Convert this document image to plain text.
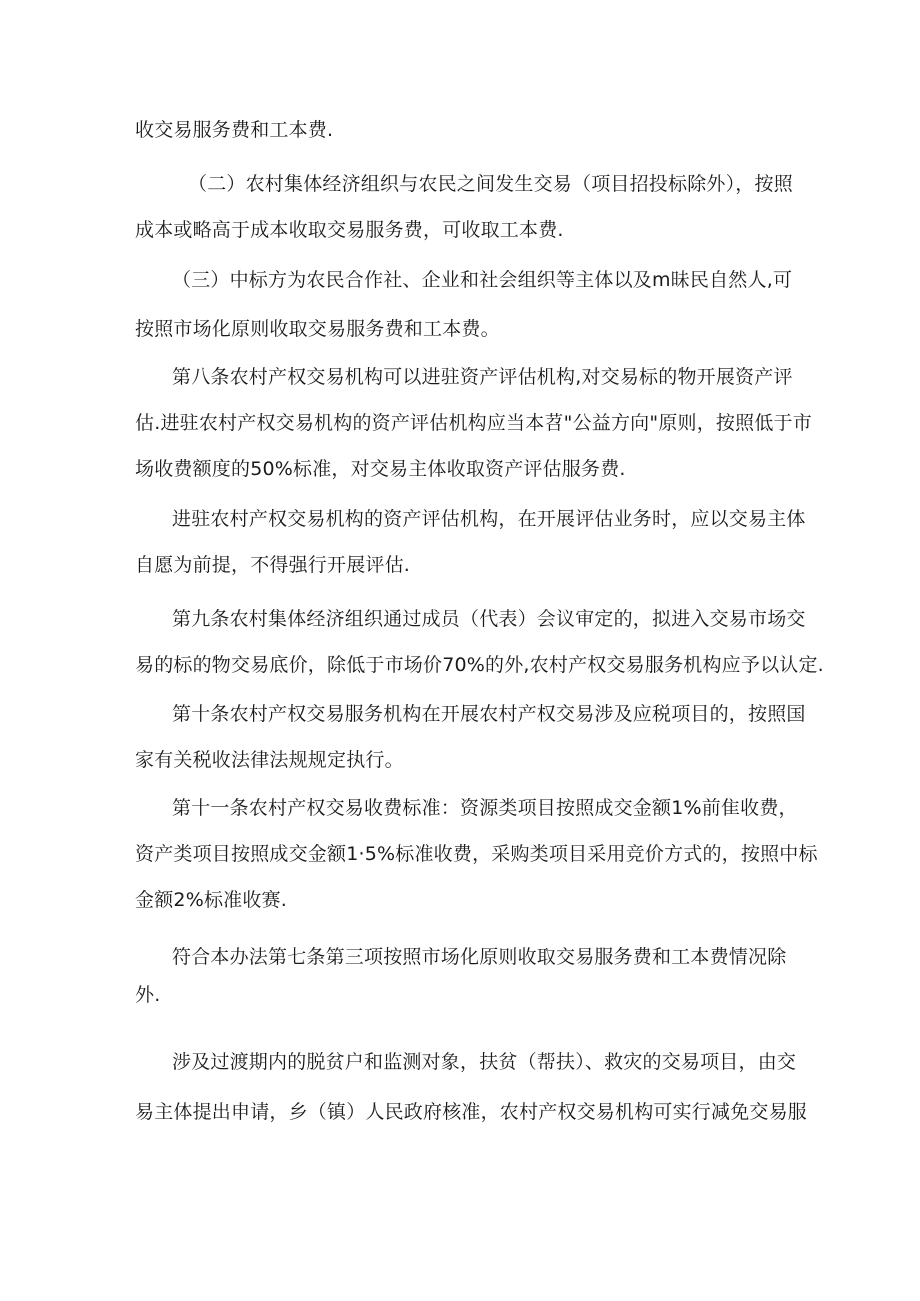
收交易服务费和工本费.
（二）农村集体经济组织与农民之间发生交易（项目招投标除外），按照
成本或略高于成本收取交易服务费，可收取工本费.
（三）中标方为农民合作社、企业和社会组织等主体以及m昧民自然人,可
按照市场化原则收取交易服务费和工本费。
第八条农村产权交易机构可以进驻资产评估机构,对交易标的物开展资产评
估.进驻农村产权交易机构的资产评估机构应当本苕"公益方向"原则，按照低于市
场收费额度的50%标准，对交易主体收取资产评估服务费.
进驻农村产权交易机构的资产评估机构，在开展评估业务时，应以交易主体
自愿为前提，不得强行开展评估.
第九条农村集体经济组织通过成员（代表）会议审定的，拟进入交易市场交
易的标的物交易底价，除低于市场价70%的外,农村产权交易服务机构应予以认定.
第十条农村产权交易服务机构在开展农村产权交易涉及应税项目的，按照国
家有关税收法律法规规定执行。
第十一条农村产权交易收费标准：资源类项目按照成交金额1%前隹收费，
资产类项目按照成交金额1·5%标准收费，采购类项目采用竞价方式的，按照中标
金额2%标准收赛.
符合本办法第七条第三项按照市场化原则收取交易服务费和工本费情况除
外.
涉及过渡期内的脱贫户和监测对象，扶贫（帮扶）、救灾的交易项目，由交
易主体提出申请，乡（镇）人民政府核准，农村产权交易机构可实行减免交易服
